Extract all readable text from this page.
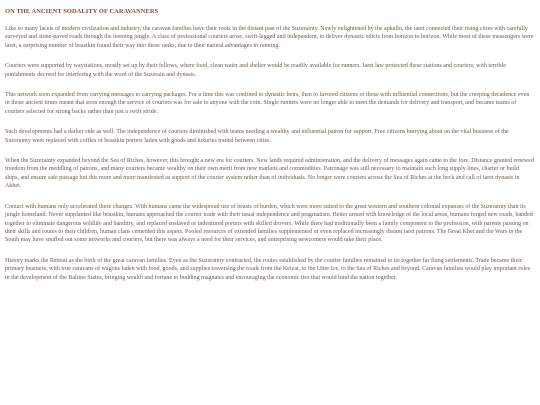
ON THE ANCIENT SODALITY OF CARAVANNERS

Like so many facets of modern civilization and industry, the caravan families have their roots in the distant past of the Suzerainty. Newly enlightened by the apkallu, the iaret connected their rising cities with carefully surveyed and stone-paved roads through the teeming jungle. A class of professional couriers arose, swift-legged and independent, to deliver dynastic edicts from horizon to horizon. While most of these messengers were iaret, a surprising number of beastkin found their way into these ranks, due to their natural advantages in running.

Couriers were supported by waystations, mostly set up by their fellows, where food, clean water and shelter would be readily available for runners. Iaret law protected these stations and couriers; with terrible punishments decreed for interfering with the word of the Suzerain and dynasts.

This network soon expanded from carrying messages to carrying packages. For a time this was confined to dynastic heirs, then to favored citizens or those with influential connections, but the creeping decadence even in those ancient times meant that soon enough the service of couriers was for sale to anyone with the coin. Single runners were no longer able to meet the demands for delivery and transport, and became teams of couriers selected for strong backs rather than just a swift stride.

Such developments had a darker side as well. The independence of couriers diminished with teams needing a wealthy and influential patron for support. Free citizens hurrying about on the vital business of the Suzerainty were replaced with coffles of beastkin porters laden with goods and luxuries traded between cities.

When the Suzerainty expanded beyond the Sea of Riches, however, this brought a new era for couriers. New lands required administration, and the delivery of messages again came to the fore. Distance granted renewed freedom from the meddling of patrons, and many couriers became wealthy on their own merit from new markets and commodities. Patronage was still necessary to maintain such long supply lines, charter or build ships, and ensure safe passage but this more and more manifested as support of the courier system rather than of individuals. No longer were couriers across the Sea of Riches at the beck and call of iaret dynasts in Akhet.

Contact with humans only accelerated these changes. With humans came the widespread use of beasts of burden, which were more suited to the great western and southern colonial expanses of the Suzerainty than its jungle homeland. Never supplanted like beastkin, humans approached the courier trade with their usual independence and pragmatism. Better armed with knowledge of the local areas, humans forged new roads, banded together to eliminate dangerous wildlife and banditry, and replaced enslaved or indentured porters with skilled drovers. While there had traditionally been a family component to the profession, with parents passing on their skills and routes to their children, human clans cemented this aspect. Pooled resources of extended families supplemented or even replaced increasingly distant iaret patrons. The Great Khet and the Wars in the South may have snuffed out some networks and couriers, but there was always a need for their services, and enterprising newcomers would take their place.

History marks the Retreat as the birth of the great caravan families. Even as the Suzerainty contracted, the routes established by the courier families remained to tie together far flung settlements. Trade became their primary business, with true caravans of wagons laden with food, goods, and supplies traversing the roads from the Keizai, to the Utter Ice, to the Sea of Riches and beyond. Caravan families would play important roles in the development of the Baltine States, bringing wealth and fortune to budding magnates and encouraging the economic ties that would bind the nation together.
